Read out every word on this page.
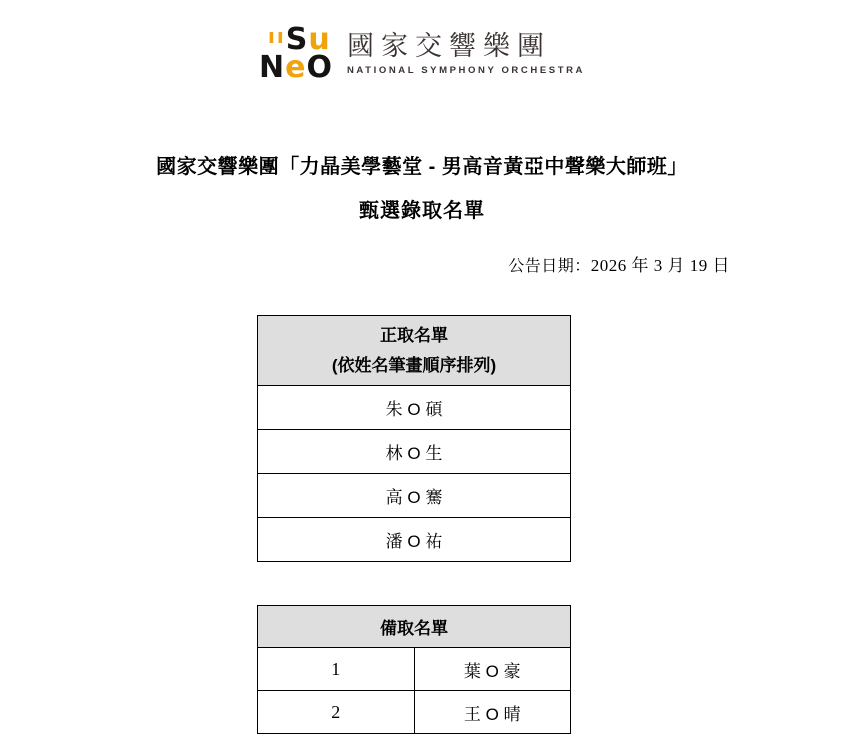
$^{ıı}$Su
NeO
國家交響樂團
NATIONAL SYMPHONY ORCHESTRA
國家交響樂團「力晶美學藝堂 - 男高音黃亞中聲樂大師班」
甄選錄取名單
公告日期：2026 年 3 月 19 日
正取名單
(依姓名筆畫順序排列)

朱 O 碩
林 O 生
高 O 騫
潘 O 祐
備取名單	
1	葉 O 豪
2	王 O 晴
